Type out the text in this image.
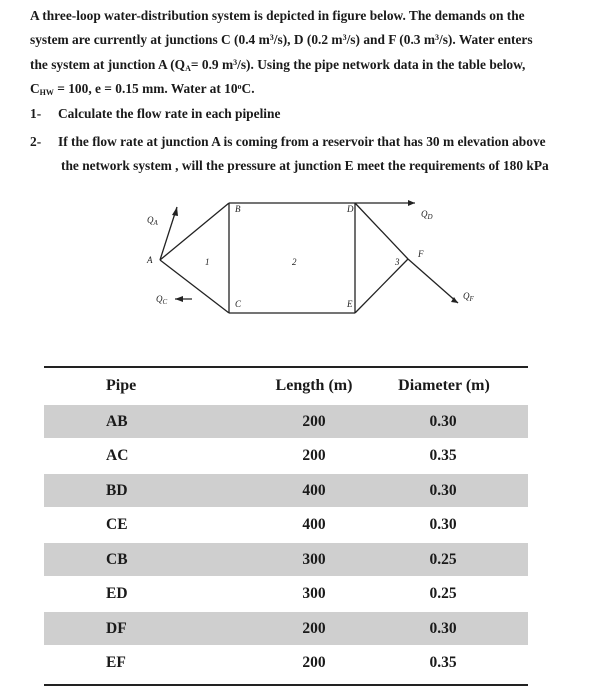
A three-loop water-distribution system is depicted in figure below. The demands on the

system are currently at junctions C (0.4 $m^3/s$), D (0.2 $m^3/s$) and F (0.3 $m^3/s$). Water enters

the system at junction A ($Q_A= 0.9$ $m^3/s$). Using the pipe network data in the table below,

$C_{HW} = 100$, e = 0.15 mm. Water at 10$^o$C.

1- Calculate the flow rate in each pipeline
2- If the flow rate at junction A is coming from a reservoir that has 30 m elevation above
the network system , will the pressure at junction E meet the requirements of 180 kPa
A
B
C
D
E
F
1	2	3
$Q_A$
$Q_C$
$Q_D$
$Q_F$
Pipe	Length (m)	Diameter (m)
AB	200	0.30
AC	200	0.35
BD	400	0.30
CE	400	0.30
CB	300	0.25
ED	300	0.25
DF	200	0.30
EF	200	0.35
